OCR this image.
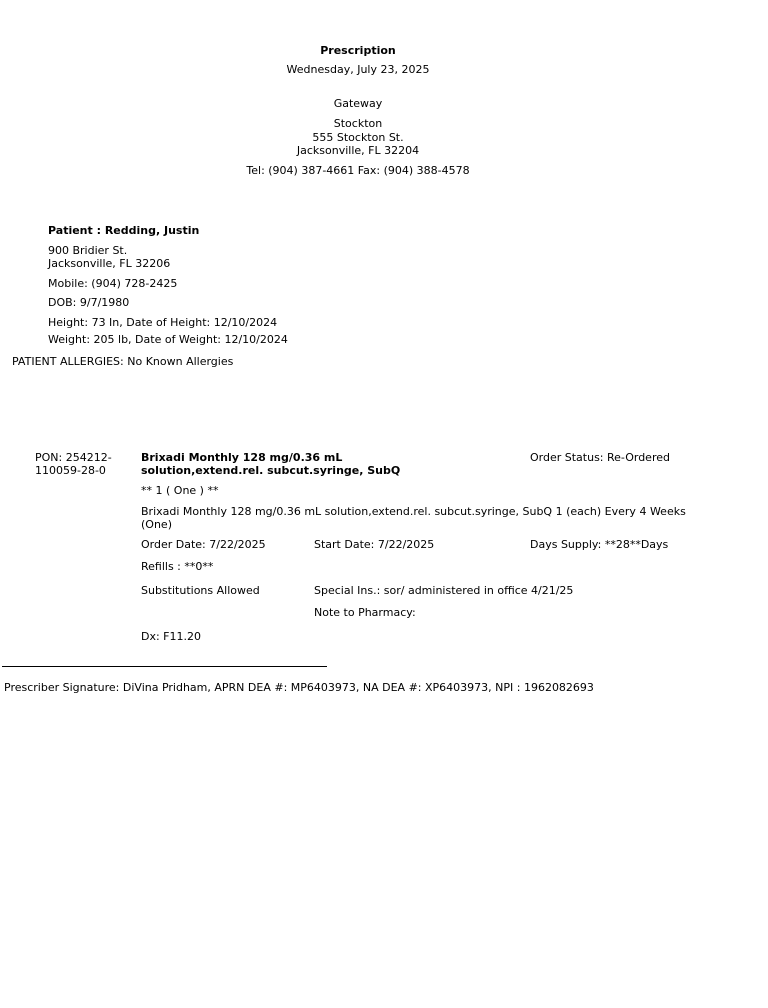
Prescription
Wednesday, July 23, 2025
Gateway
Stockton
555 Stockton St.
Jacksonville, FL 32204
Tel: (904) 387-4661 Fax: (904) 388-4578
Patient : Redding, Justin
900 Bridier St.
Jacksonville, FL 32206
Mobile: (904) 728-2425
DOB: 9/7/1980
Height: 73 In, Date of Height: 12/10/2024
Weight: 205 lb, Date of Weight: 12/10/2024
PATIENT ALLERGIES: No Known Allergies
PON: 254212-
110059-28-0
Brixadi Monthly 128 mg/0.36 mL
solution,extend.rel. subcut.syringe, SubQ
Order Status: Re-Ordered
** 1 ( One ) **
Brixadi Monthly 128 mg/0.36 mL solution,extend.rel. subcut.syringe, SubQ 1 (each) Every 4 Weeks (One)
Order Date: 7/22/2025	Start Date: 7/22/2025	Days Supply: **28**Days
Refills : **0**
Substitutions Allowed	Special Ins.: sor/ administered in office 4/21/25
Note to Pharmacy:
Dx: F11.20
Prescriber Signature: DiVina Pridham, APRN DEA #: MP6403973, NA DEA #: XP6403973, NPI : 1962082693
